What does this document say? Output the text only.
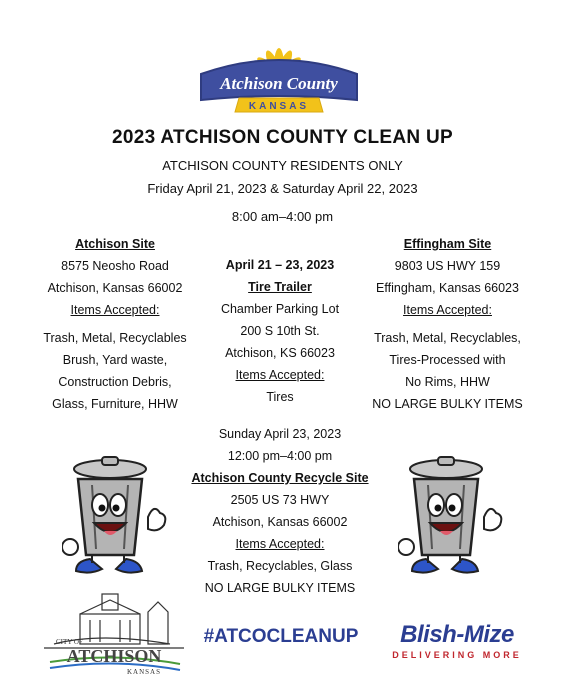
Atchison County
KANSAS
2023 ATCHISON COUNTY CLEAN UP
ATCHISON COUNTY RESIDENTS ONLY
Friday April 21, 2023 & Saturday April 22, 2023
8:00 am–4:00 pm
Atchison Site
8575 Neosho Road
Atchison, Kansas 66002
Items Accepted:
Trash, Metal, Recyclables
Brush, Yard waste,
Construction Debris,
Glass, Furniture, HHW
April 21 – 23, 2023
Tire Trailer
Chamber Parking Lot
200 S 10th St.
Atchison, KS 66023
Items Accepted:
Tires
Effingham Site
9803 US HWY 159
Effingham, Kansas 66023
Items Accepted:
Trash, Metal, Recyclables,
Tires-Processed with
No Rims, HHW
NO LARGE BULKY ITEMS
Sunday April 23, 2023
12:00 pm–4:00 pm
Atchison County Recycle Site
2505 US 73 HWY
Atchison, Kansas 66002
Items Accepted:
Trash, Recyclables, Glass
NO LARGE BULKY ITEMS
CITY OF
ATCHISON
KANSAS
#ATCOCLEANUP	Blish-Mize
DELIVERING MORE
